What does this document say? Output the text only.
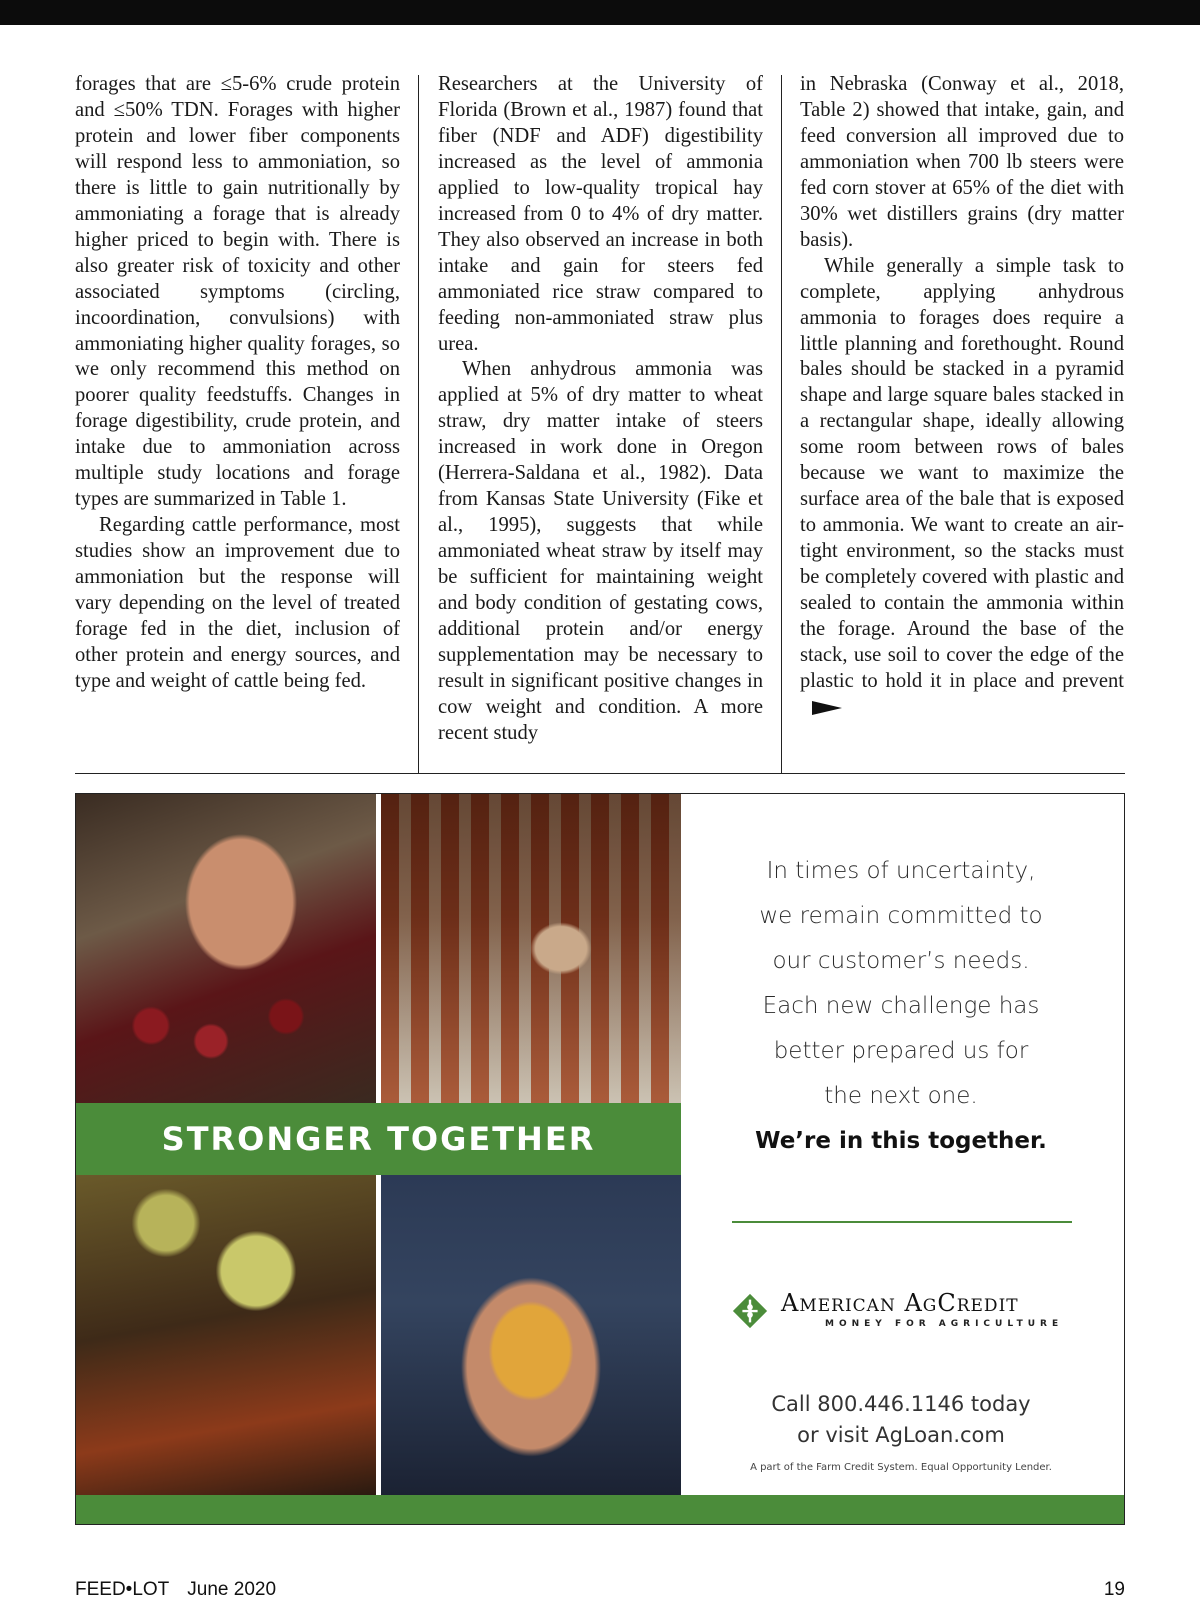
forages that are ≤5-6% crude protein and ≤50% TDN. Forages with higher protein and lower fiber components will respond less to ammoniation, so there is little to gain nutritionally by ammoniating a forage that is already higher priced to begin with. There is also greater risk of toxicity and other associated symptoms (circling, incoordination, convulsions) with ammoniating higher quality forages, so we only recommend this method on poorer quality feedstuffs. Changes in forage digestibility, crude protein, and intake due to ammoniation across multiple study locations and forage types are summarized in Table 1.

Regarding cattle performance, most studies show an improvement due to ammoniation but the response will vary depending on the level of treated forage fed in the diet, inclusion of other protein and energy sources, and type and weight of cattle being fed.

Researchers at the University of Florida (Brown et al., 1987) found that fiber (NDF and ADF) digestibility increased as the level of ammonia applied to low-quality tropical hay increased from 0 to 4% of dry matter. They also observed an increase in both intake and gain for steers fed ammoniated rice straw compared to feeding non-ammoniated straw plus urea.

When anhydrous ammonia was applied at 5% of dry matter to wheat straw, dry matter intake of steers increased in work done in Oregon (Herrera-Saldana et al., 1982). Data from Kansas State University (Fike et al., 1995), suggests that while ammoniated wheat straw by itself may be sufficient for maintaining weight and body condition of gestating cows, additional protein and/or energy supplementation may be necessary to result in significant positive changes in cow weight and condition. A more recent study

in Nebraska (Conway et al., 2018, Table 2) showed that intake, gain, and feed conversion all improved due to ammoniation when 700 lb steers were fed corn stover at 65% of the diet with 30% wet distillers grains (dry matter basis).

While generally a simple task to complete, applying anhydrous ammonia to forages does require a little planning and forethought. Round bales should be stacked in a pyramid shape and large square bales stacked in a rectangular shape, ideally allowing some room between rows of bales because we want to maximize the surface area of the bale that is exposed to ammonia. We want to create an air-tight environment, so the stacks must be completely covered with plastic and sealed to contain the ammonia within the forage. Around the base of the stack, use soil to cover the edge of the plastic to hold it in place and prevent

STRONGER TOGETHER
In times of uncertainty,
we remain committed to
our customer’s needs.
Each new challenge has
better prepared us for
the next one.
We’re in this together.
American AgCredit
MONEY FOR AGRICULTURE
Call 800.446.1146 today
or visit AgLoan.com
A part of the Farm Credit System. Equal Opportunity Lender.
FEED•LOT June 2020	19
